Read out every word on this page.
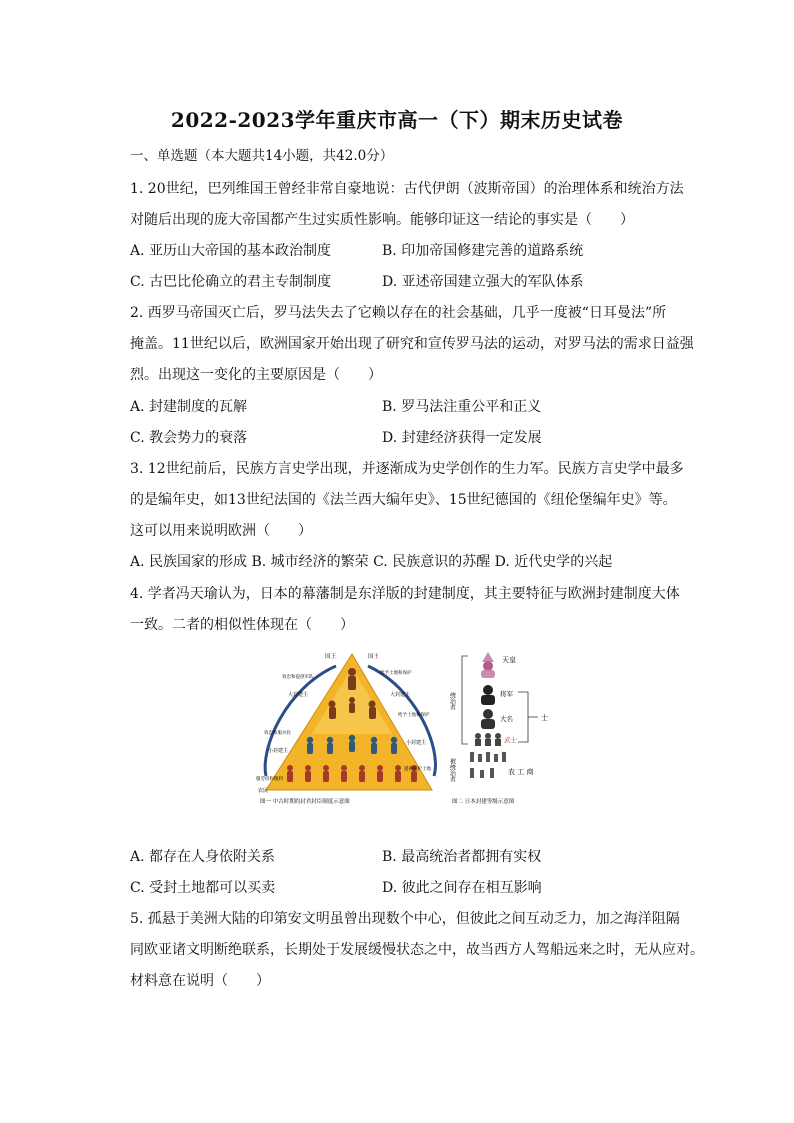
2022-2023学年重庆市高一（下）期末历史试卷
一、单选题（本大题共14小题，共42.0分）
1. 20世纪，巴列维国王曾经非常自豪地说：古代伊朗（波斯帝国）的治理体系和统治方法
对随后出现的庞大帝国都产生过实质性影响。能够印证这一结论的事实是（　　）
A. 亚历山大帝国的基本政治制度	B. 印加帝国修建完善的道路系统
C. 古巴比伦确立的君主专制制度	D. 亚述帝国建立强大的军队体系
2. 西罗马帝国灭亡后，罗马法失去了它赖以存在的社会基础，几乎一度被“日耳曼法”所
掩盖。11世纪以后，欧洲国家开始出现了研究和宣传罗马法的运动，对罗马法的需求日益强
烈。出现这一变化的主要原因是（　　）
A. 封建制度的瓦解	B. 罗马法注重公平和正义
C. 教会势力的衰落	D. 封建经济获得一定发展
3. 12世纪前后，民族方言史学出现，并逐渐成为史学创作的生力军。民族方言史学中最多
的是编年史，如13世纪法国的《法兰西大编年史》、15世纪德国的《纽伦堡编年史》等。
这可以用来说明欧洲（　　）
A. 民族国家的形成 B. 城市经济的繁荣 C. 民族意识的苏醒 D. 近代史学的兴起
4. 学者冯天瑜认为，日本的幕藩制是东洋版的封建制度，其主要特征与欧洲封建制度大体
一致。二者的相似性体现在（　　）
国王	国王
效忠和提供军队
大封建主
效忠和服兵役
小封建主
服劳役和粮料
农民
给予土地和保护
大封建主
给予土地和保护
小封建主
提供庇护土地
图一 中古时期的封君封臣制度示意图
天皇
将军
大名
武士
士
统治者
被统治者	农 工 商
图二 日本封建等级示意图
A. 都存在人身依附关系	B. 最高统治者都拥有实权
C. 受封土地都可以买卖	D. 彼此之间存在相互影响
5. 孤悬于美洲大陆的印第安文明虽曾出现数个中心，但彼此之间互动乏力，加之海洋阻隔
同欧亚诸文明断绝联系，长期处于发展缓慢状态之中，故当西方人驾船远来之时，无从应对。
材料意在说明（　　）
